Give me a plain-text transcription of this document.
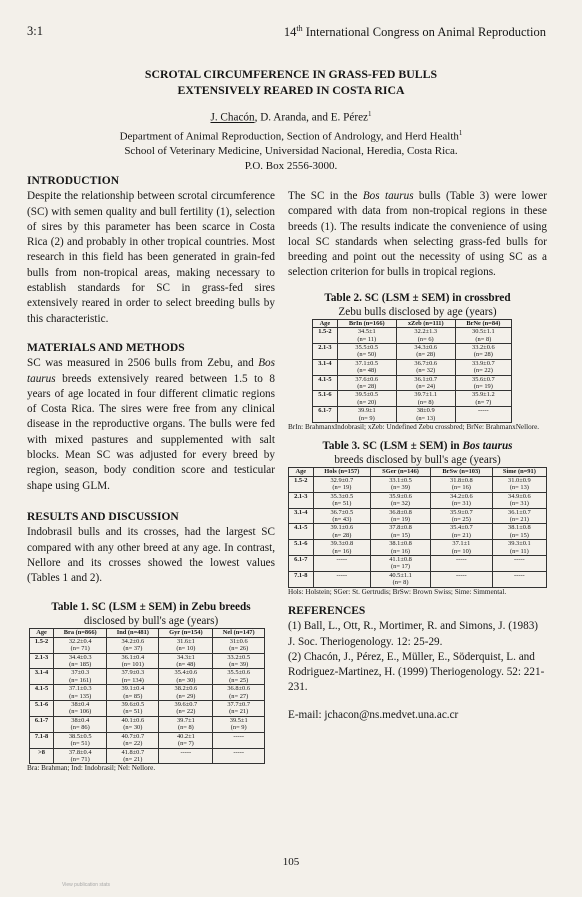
3:1	14th International Congress on Animal Reproduction
SCROTAL CIRCUMFERENCE IN GRASS-FED BULLS
EXTENSIVELY REARED IN COSTA RICA
J. Chacón, D. Aranda, and E. Pérez$^1$
Department of Animal Reproduction, Section of Andrology, and Herd Health$^1$
School of Veterinary Medicine, Universidad Nacional, Heredia, Costa Rica.
P.O. Box 2556-3000.
INTRODUCTION

Despite the relationship between scrotal circumference (SC) with semen quality and bull fertility (1), selection of sires by this parameter has been scarce in Costa Rica (2) and probably in other tropical countries. Most research in this field has been generated in grain-fed bulls from non-tropical areas, making necessary to establish standards for SC in grass-fed sires extensively reared in order to select breeding bulls by this characteristic.

MATERIALS AND METHODS

SC was measured in 2506 bulls from Zebu, and Bos taurus breeds extensively reared between 1.5 to 8 years of age located in four different climatic regions of Costa Rica. The sires were free from any clinical disease in the reproductive organs. The bulls were fed with mixed pastures and supplemented with salt blocks. Mean SC was adjusted for every breed by region, season, body condition score and testicular shape using GLM.

RESULTS AND DISCUSSION

Indobrasil bulls and its crosses, had the largest SC compared with any other breed at any age. In contrast, Nellore and its crosses showed the lowest values (Tables 1 and 2).

Table 1. SC (LSM ± SEM) in Zebu breeds
disclosed by bull's age (years)
Age	Bra (n=866)	Ind (n=481)	Gyr (n=154)	Nel (n=147)

1.5-2	32.2±0.4
(n= 71)	34.2±0.6
(n= 37)	31.6±1
(n= 10)	31±0.6
(n= 26)

2.1-3	34.4±0.3
(n= 185)	36.1±0.4
(n= 101)	34.3±1
(n= 48)	33.2±0.5
(n= 39)

3.1-4	37±0.3
(n= 161)	37.9±0.3
(n= 134)	35.4±0.6
(n= 30)	35.5±0.6
(n= 25)

4.1-5	37.1±0.3
(n= 135)	39.1±0.4
(n= 85)	38.2±0.6
(n= 29)	36.8±0.6
(n= 27)

5.1-6	38±0.4
(n= 106)	39.6±0.5
(n= 51)	39.6±0.7
(n= 22)	37.7±0.7
(n= 21)

6.1-7	38±0.4
(n= 86)	40.1±0.6
(n= 30)	39.7±1
(n= 8)	39.5±1
(n= 9)

7.1-8	38.5±0.5
(n= 51)	40.7±0.7
(n= 22)	40.2±1
(n= 7)	-----

>8	37.8±0.4
(n= 71)	41.8±0.7
(n= 21)	-----	-----
Bra: Brahman; Ind: Indobrasil; Nel: Nellore.

The SC in the Bos taurus bulls (Table 3) were lower compared with data from non-tropical regions in these breeds (1). The results indicate the convenience of using local SC standards when selecting grass-fed bulls for breeding and point out the necessity of using SC as a selection criterion for bulls in tropical regions.

Table 2. SC (LSM ± SEM) in crossbred
Zebu bulls disclosed by age (years)
Age	BrIn (n=166)	xZeb (n=111)	BrNe (n=84)

1.5-2	34.5±1
(n= 11)	32.2±1.3
(n= 6)	30.5±1.1
(n= 8)

2.1-3	35.5±0.5
(n= 50)	34.3±0.6
(n= 28)	33.2±0.6
(n= 28)

3.1-4	37.1±0.5
(n= 48)	36.7±0.6
(n= 32)	33.9±0.7
(n= 22)

4.1-5	37.6±0.6
(n= 28)	36.1±0.7
(n= 24)	35.6±0.7
(n= 19)

5.1-6	39.5±0.5
(n= 20)	39.7±1.1
(n= 8)	35.9±1.2
(n= 7)

6.1-7	39.9±1
(n= 9)	38±0.9
(n= 13)	-----
BrIn: BrahmanxIndobrasil; xZeb: Undefined Zebu crossbred; BrNe: BrahmanxNellore.
Table 3. SC (LSM ± SEM) in Bos taurus
breeds disclosed by bull's age (years)
Age	Hols (n=157)	SGer (n=146)	BrSw (n=103)	Sime (n=91)

1.5-2	32.9±0.7
(n= 19)	33.1±0.5
(n= 39)	31.8±0.8
(n= 16)	31.0±0.9
(n= 13)

2.1-3	35.3±0.5
(n= 51)	35.9±0.6
(n= 32)	34.2±0.6
(n= 31)	34.9±0.6
(n= 31)

3.1-4	36.7±0.5
(n= 43)	36.8±0.8
(n= 19)	35.9±0.7
(n= 25)	36.1±0.7
(n= 21)

4.1-5	39.1±0.6
(n= 28)	37.8±0.8
(n= 15)	35.4±0.7
(n= 21)	38.1±0.8
(n= 15)

5.1-6	39.3±0.8
(n= 16)	38.1±0.8
(n= 16)	37.1±1
(n= 10)	39.3±0.1
(n= 11)

6.1-7	-----	41.1±0.8
(n= 17)	-----	-----

7.1-8	-----	40.5±1.1
(n= 8)	-----	-----
Hols: Holstein; SGer: St. Gertrudis; BrSw: Brown Swiss; Sime: Simmental.
REFERENCES

(1) Ball, L., Ott, R., Mortimer, R. and Simons, J. (1983) J. Soc. Theriogenology. 12: 25-29.

(2) Chacón, J., Pérez, E., Müller, E., Söderquist, L. and Rodriguez-Martinez, H. (1999) Theriogenology. 52: 221-231.

E-mail: jchacon@ns.medvet.una.ac.cr
105
View publication stats
